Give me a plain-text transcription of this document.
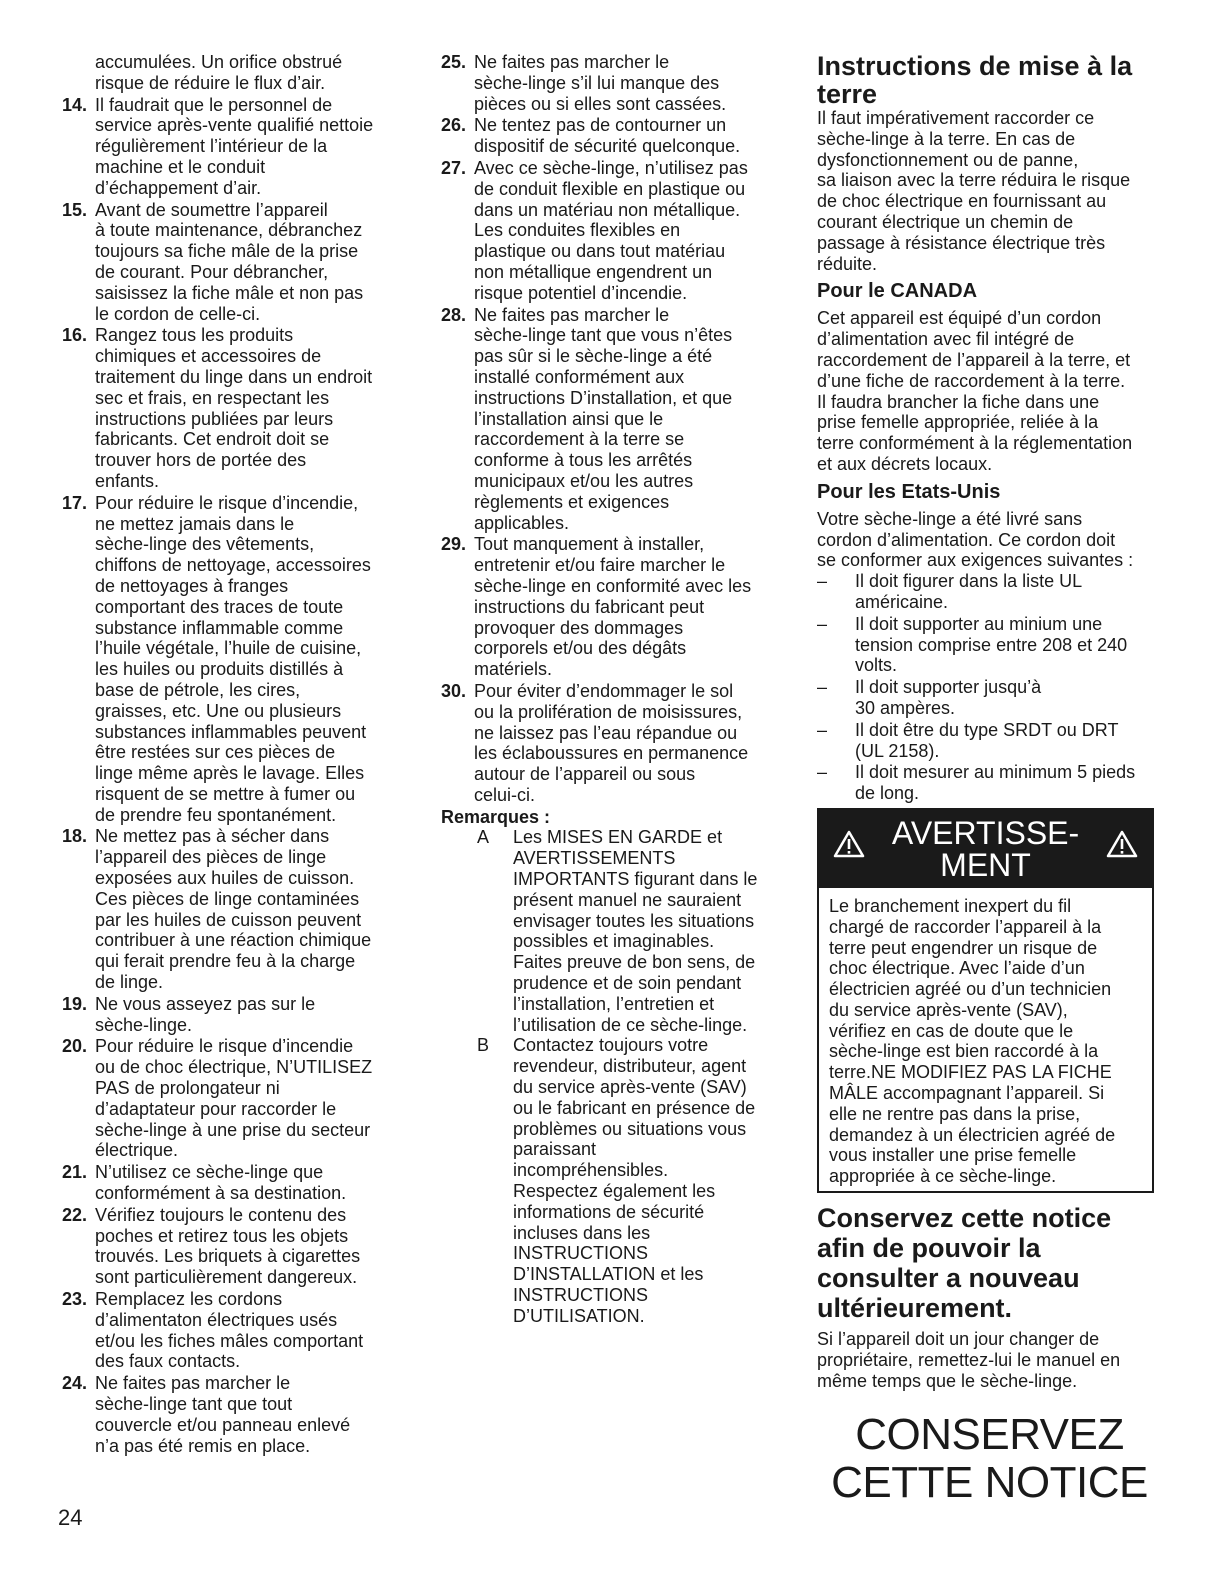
accumulées. Un orifice obstrué
risque de réduire le flux d’air.
14. Il faudrait que le personnel de
service après-vente qualifié nettoie
régulièrement l’intérieur de la
machine et le conduit
d’échappement d’air.
15. Avant de soumettre l’appareil
à toute maintenance, débranchez
toujours sa fiche mâle de la prise
de courant. Pour débrancher,
saisissez la fiche mâle et non pas
le cordon de celle-ci.
16. Rangez tous les produits
chimiques et accessoires de
traitement du linge dans un endroit
sec et frais, en respectant les
instructions publiées par leurs
fabricants. Cet endroit doit se
trouver hors de portée des
enfants.
17. Pour réduire le risque d’incendie,
ne mettez jamais dans le
sèche-linge des vêtements,
chiffons de nettoyage, accessoires
de nettoyages à franges
comportant des traces de toute
substance inflammable comme
l’huile végétale, l’huile de cuisine,
les huiles ou produits distillés à
base de pétrole, les cires,
graisses, etc. Une ou plusieurs
substances inflammables peuvent
être restées sur ces pièces de
linge même après le lavage. Elles
risquent de se mettre à fumer ou
de prendre feu spontanément.
18. Ne mettez pas à sécher dans
l’appareil des pièces de linge
exposées aux huiles de cuisson.
Ces pièces de linge contaminées
par les huiles de cuisson peuvent
contribuer à une réaction chimique
qui ferait prendre feu à la charge
de linge.
19. Ne vous asseyez pas sur le
sèche-linge.
20. Pour réduire le risque d’incendie
ou de choc électrique, N’UTILISEZ
PAS de prolongateur ni
d’adaptateur pour raccorder le
sèche-linge à une prise du secteur
électrique.
21. N’utilisez ce sèche-linge que
conformément à sa destination.
22. Vérifiez toujours le contenu des
poches et retirez tous les objets
trouvés. Les briquets à cigarettes
sont particulièrement dangereux.
23. Remplacez les cordons
d’alimentaton électriques usés
et/ou les fiches mâles comportant
des faux contacts.
24. Ne faites pas marcher le
sèche-linge tant que tout
couvercle et/ou panneau enlevé
n’a pas été remis en place.
25. Ne faites pas marcher le
sèche-linge s’il lui manque des
pièces ou si elles sont cassées.
26. Ne tentez pas de contourner un
dispositif de sécurité quelconque.
27. Avec ce sèche-linge, n’utilisez pas
de conduit flexible en plastique ou
dans un matériau non métallique.
Les conduites flexibles en
plastique ou dans tout matériau
non métallique engendrent un
risque potentiel d’incendie.
28. Ne faites pas marcher le
sèche-linge tant que vous n’êtes
pas sûr si le sèche-linge a été
installé conformément aux
instructions D’installation, et que
l’installation ainsi que le
raccordement à la terre se
conforme à tous les arrêtés
municipaux et/ou les autres
règlements et exigences
applicables.
29. Tout manquement à installer,
entretenir et/ou faire marcher le
sèche-linge en conformité avec les
instructions du fabricant peut
provoquer des dommages
corporels et/ou des dégâts
matériels.
30. Pour éviter d’endommager le sol
ou la prolifération de moisissures,
ne laissez pas l’eau répandue ou
les éclaboussures en permanence
autour de l’appareil ou sous
celui-ci.
Remarques :
A Les MISES EN GARDE et
AVERTISSEMENTS
IMPORTANTS figurant dans le
présent manuel ne sauraient
envisager toutes les situations
possibles et imaginables.
Faites preuve de bon sens, de
prudence et de soin pendant
l’installation, l’entretien et
l’utilisation de ce sèche-linge.
B Contactez toujours votre
revendeur, distributeur, agent
du service après-vente (SAV)
ou le fabricant en présence de
problèmes ou situations vous
paraissant
incompréhensibles.
Respectez également les
informations de sécurité
incluses dans les
INSTRUCTIONS
D’INSTALLATION et les
INSTRUCTIONS
D’UTILISATION.
Instructions de mise à la
terre

Il faut impérativement raccorder ce
sèche-linge à la terre. En cas de
dysfonctionnement ou de panne,
sa liaison avec la terre réduira le risque
de choc électrique en fournissant au
courant électrique un chemin de
passage à résistance électrique très
réduite.

Pour le CANADA

Cet appareil est équipé d’un cordon
d’alimentation avec fil intégré de
raccordement de l’appareil à la terre, et
d’une fiche de raccordement à la terre.
Il faudra brancher la fiche dans une
prise femelle appropriée, reliée à la
terre conformément à la réglementation
et aux décrets locaux.

Pour les Etats-Unis

Votre sèche-linge a été livré sans
cordon d’alimentation. Ce cordon doit
se conformer aux exigences suivantes :

– Il doit figurer dans la liste UL
américaine.
– Il doit supporter au minium une
tension comprise entre 208 et 240
volts.
– Il doit supporter jusqu’à
30 ampères.
– Il doit être du type SRDT ou DRT
(UL 2158).
– Il doit mesurer au minimum 5 pieds
de long.
AVERTISSE-
MENT
Le branchement inexpert du fil
chargé de raccorder l’appareil à la
terre peut engendrer un risque de
choc électrique. Avec l’aide d’un
électricien agréé ou d’un technicien
du service après-vente (SAV),
vérifiez en cas de doute que le
sèche-linge est bien raccordé à la
terre.NE MODIFIEZ PAS LA FICHE
MÂLE accompagnant l’appareil. Si
elle ne rentre pas dans la prise,
demandez à un électricien agréé de
vous installer une prise femelle
appropriée à ce sèche-linge.
Conservez cette notice
afin de pouvoir la
consulter a nouveau
ultérieurement.
Si l’appareil doit un jour changer de
propriétaire, remettez-lui le manuel en
même temps que le sèche-linge.
CONSERVEZ
CETTE NOTICE
24
